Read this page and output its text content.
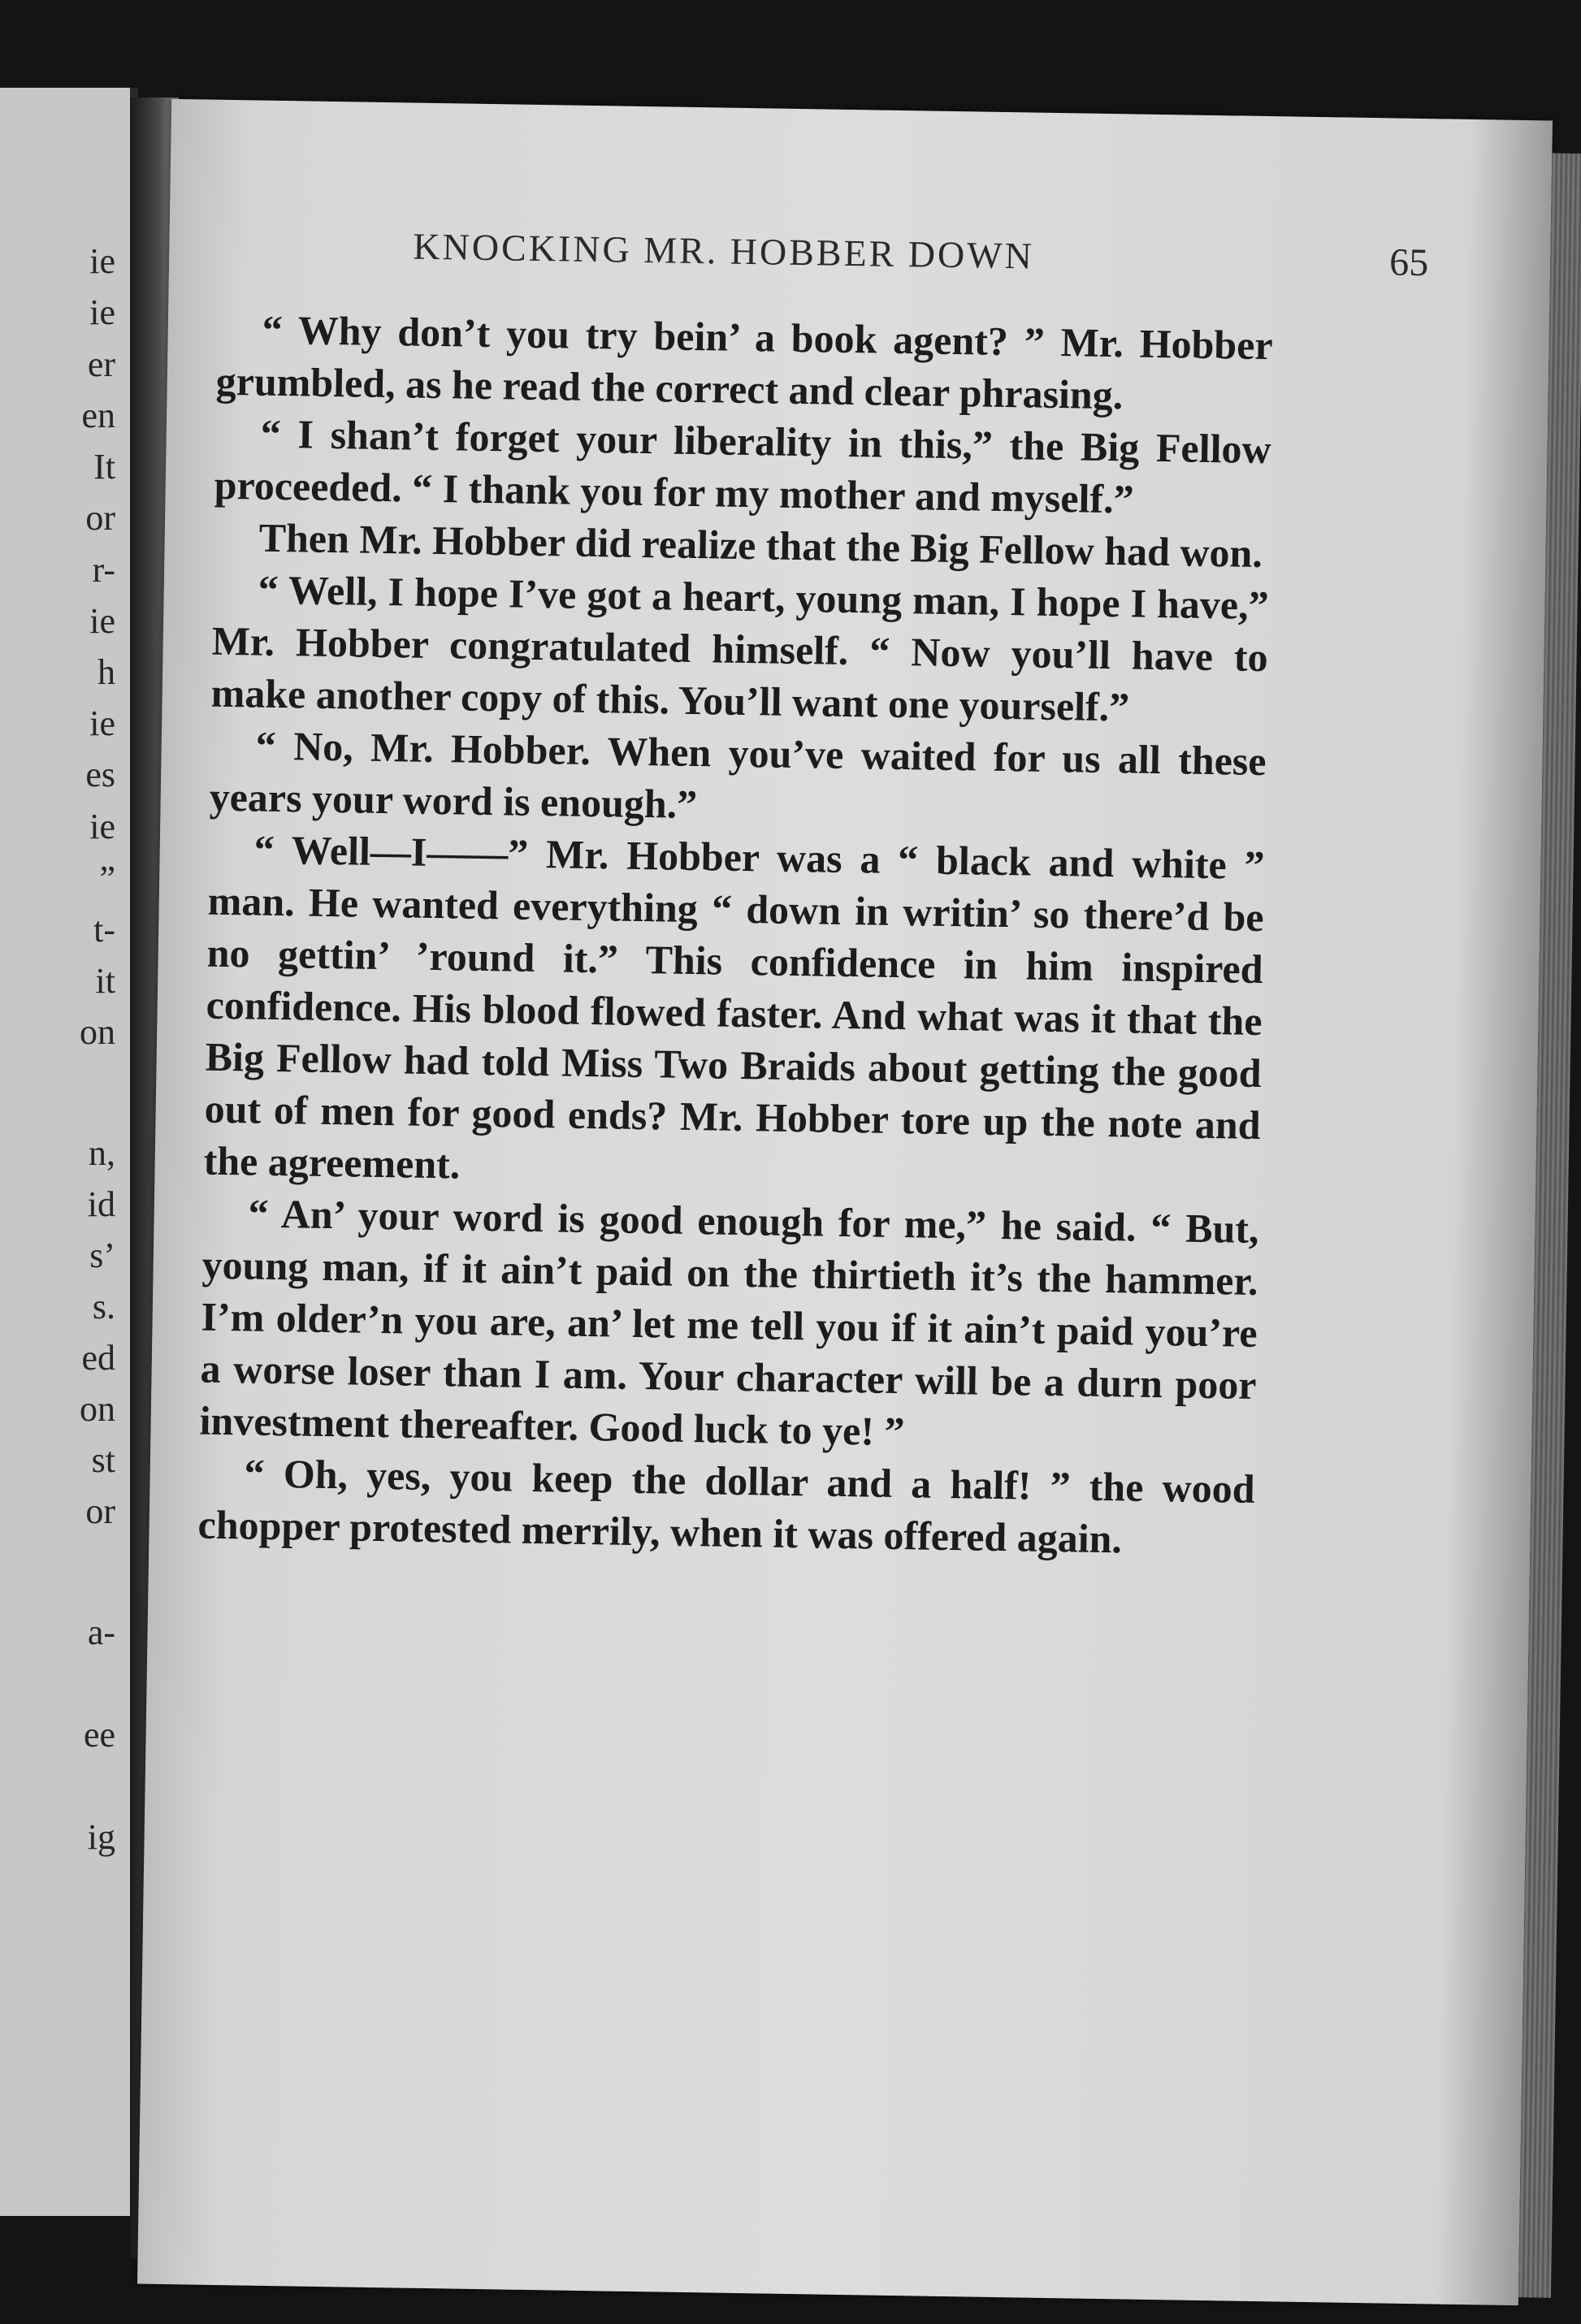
ie
ie
er
en
It
or
r-
ie
h
ie
es
ie
”
t-
it
on
n,
id
s’
s.
ed
on
st
or
a-
ee
ig
KNOCKING MR. HOBBER DOWN	65

“ Why don’t you try bein’ a book agent? ” Mr. Hobber grumbled, as he read the correct and clear phrasing.

“ I shan’t forget your liberality in this,” the Big Fellow proceeded. “ I thank you for my mother and myself.”

Then Mr. Hobber did realize that the Big Fellow had won.

“ Well, I hope I’ve got a heart, young man, I hope I have,” Mr. Hobber congratulated himself. “ Now you’ll have to make another copy of this. You’ll want one yourself.”

“ No, Mr. Hobber. When you’ve waited for us all these years your word is enough.”

“ Well—I——” Mr. Hobber was a “ black and white ” man. He wanted everything “ down in writin’ so there’d be no gettin’ ’round it.” This confidence in him inspired confidence. His blood flowed faster. And what was it that the Big Fellow had told Miss Two Braids about getting the good out of men for good ends? Mr. Hobber tore up the note and the agreement.

“ An’ your word is good enough for me,” he said. “ But, young man, if it ain’t paid on the thirtieth it’s the hammer. I’m older’n you are, an’ let me tell you if it ain’t paid you’re a worse loser than I am. Your character will be a durn poor investment thereafter. Good luck to ye! ”

“ Oh, yes, you keep the dollar and a half! ” the wood chopper protested merrily, when it was offered again.
